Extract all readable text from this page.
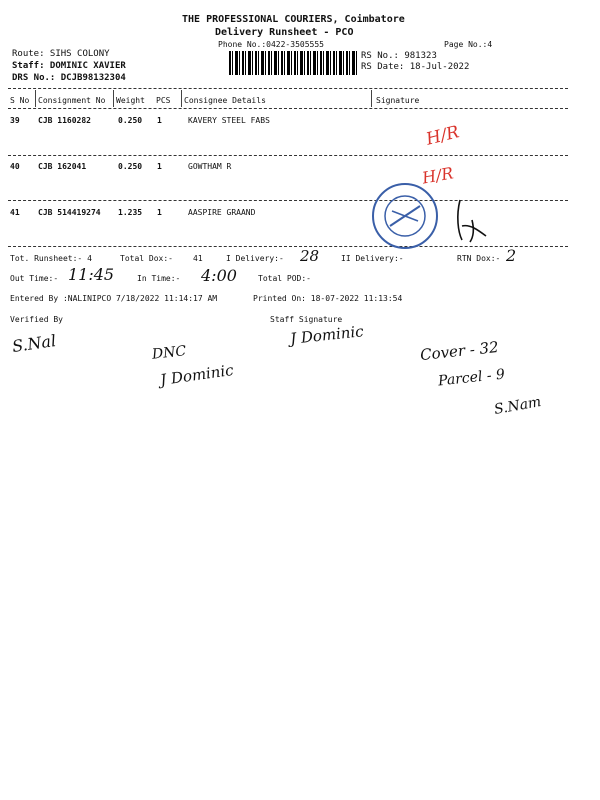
THE PROFESSIONAL COURIERS, Coimbatore
Delivery Runsheet - PCO
Phone No.:0422-3505555	Page No.:4
Route: SIHS COLONY
Staff: DOMINIC XAVIER
DRS No.: DCJB98132304
RS No.: 981323
RS Date: 18-Jul-2022
S No Consignment No Weight PCS Consignee Details	Signature
39 CJB 1160282	0.250 1	KAVERY STEEL FABS
40 CJB 162041	0.250 1	GOWTHAM R
41 CJB 514419274 1.235 1	AASPIRE GRAAND
H/R
H/R
Tot. Runsheet:- 4	Total Dox:-	41	I Delivery:- 28	II Delivery:-	RTN Dox:- 2
Out Time:- 11:45	In Time:- 4:00	Total POD:-
Entered By :NALINIPCO 7/18/2022 11:14:17 AM	Printed On: 18-07-2022 11:13:54
Verified By	Staff Signature
S.Nal	DNC
J Dominic
J Dominic
Cover - 32
Parcel - 9
S.Nam
